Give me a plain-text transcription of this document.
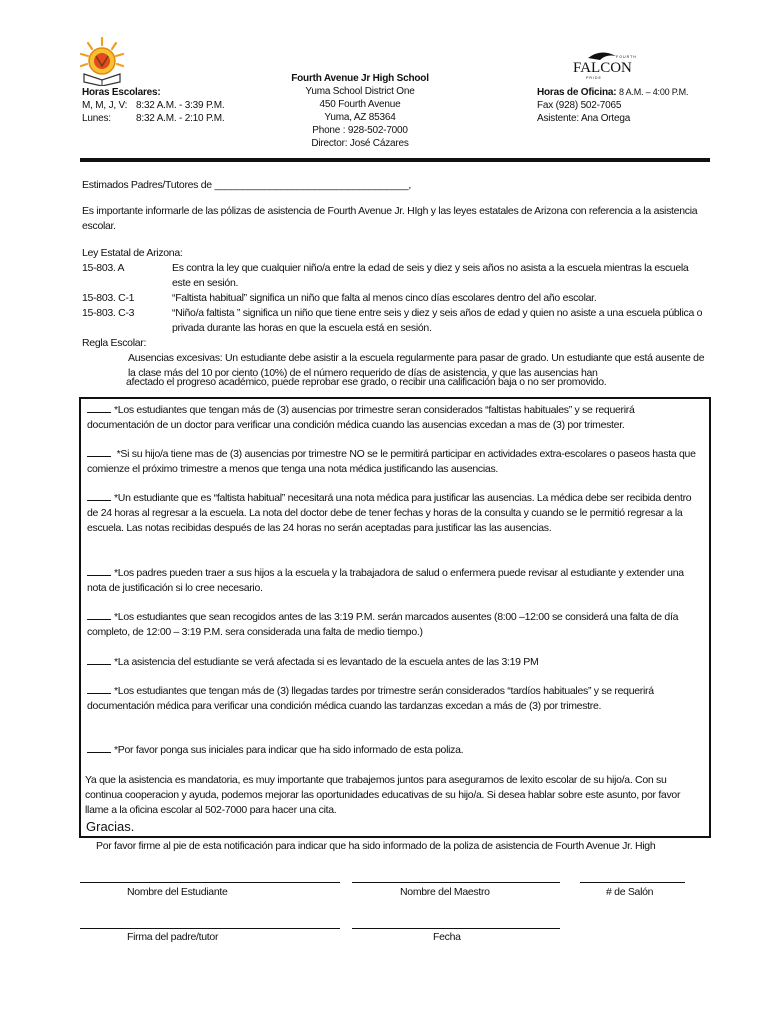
FALCON
F O U R T H
P R I D E
Fourth Avenue Jr High School
Yuma School District One
450 Fourth Avenue
Yuma, AZ 85364
Phone : 928-502-7000
Director: José Cázares
Horas Escolares:
M, M, J, V: 8:32 A.M. - 3:39 P.M.
Lunes:	8:32 A.M. - 2:10 P.M.
Horas de Oficina: 8 A.M. – 4:00 P.M.
Fax (928) 502-7065
Asistente: Ana Ortega
Estimados Padres/Tutores de ___________________________________,
Es importante informarle de las pólizas de asistencia de Fourth Avenue Jr. HIgh y las leyes estatales de Arizona con referencia a la asistencia escolar.
Ley Estatal de Arizona:
15-803. A	Es contra la ley que cualquier niño/a entre la edad de seis y diez y seis años no asista a la escuela mientras la escuela este en sesión.
15-803. C-1	“Faltista habitual” significa un niño que falta al menos cinco días escolares dentro del año escolar.
15-803. C-3	“Niño/a faltista ” significa un niño que tiene entre seis y diez y seis años de edad y quien no asiste a una escuela pública o privada durante las horas en que la escuela está en sesión.
Regla Escolar:
Ausencias excesivas: Un estudiante debe asistir a la escuela regularmente para pasar de grado. Un estudiante que está ausente de la clase más del 10 por ciento (10%) de el número requerido de días de asistencia, y que las ausencias han
afectado el progreso académico, puede reprobar ese grado, o recibir una calificación baja o no ser promovido.
Por favor firme al pie de esta notificación para indicar que ha sido informado de la poliza de asistencia de Fourth Avenue Jr. High
*Los estudiantes que tengan más de (3) ausencias por trimestre seran considerados “faltistas habituales” y se requerirá documentación de un doctor para verificar una condición médica cuando las ausencias excedan a mas de (3) por trimester.
*Si su hijo/a tiene mas de (3) ausencias por trimestre NO se le permitirá participar en actividades extra-escolares o paseos hasta que comienze el próximo trimestre a menos que tenga una nota médica justificando las ausencias.
*Un estudiante que es “faltista habitual” necesitará una nota médica para justificar las ausencias. La médica debe ser recibida dentro de 24 horas al regresar a la escuela. La nota del doctor debe de tener fechas y horas de la consulta y cuando se le permitió regresar a la escuela. Las notas recibidas después de las 24 horas no serán aceptadas para justificar las las ausencias.
*Los padres pueden traer a sus hijos a la escuela y la trabajadora de salud o enfermera puede revisar al estudiante y extender una nota de justificación si lo cree necesario.
*Los estudiantes que sean recogidos antes de las 3:19 P.M. serán marcados ausentes (8:00 –12:00 se considerá una falta de día completo, de 12:00 – 3:19 P.M. sera considerada una falta de medio tiempo.)
*La asistencia del estudiante se verá afectada si es levantado de la escuela antes de las 3:19 PM
*Los estudiantes que tengan más de (3) llegadas tardes por trimestre serán considerados “tardíos habituales” y se requerirá documentación médica para verificar una condición médica cuando las tardanzas excedan a más de (3) por trimestre.
*Por favor ponga sus iniciales para indicar que ha sido informado de esta poliza.
Ya que la asistencia es mandatoria, es muy importante que trabajemos juntos para asegurarnos de lexito escolar de su hijo/a. Con su continua cooperacion y ayuda, podemos mejorar las oportunidades educativas de su hijo/a. Si desea hablar sobre este asunto, por favor llame a la oficina escolar al 502-7000 para hacer una cita.
Gracias.
Nombre del Estudiante	Nombre del Maestro	# de Salón
Firma del padre/tutor	Fecha
